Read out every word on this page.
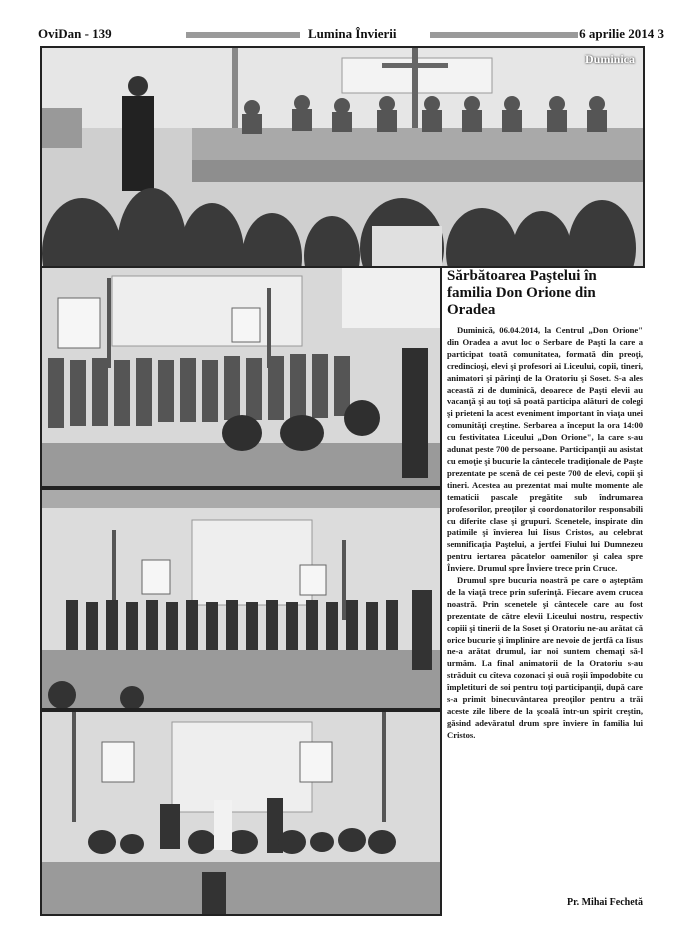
OviDan - 139	Lumina Învierii	6 aprilie 2014 3
Duminica
Sărbătoarea Paştelui în familia Don Orione din Oradea

Duminică, 06.04.2014, la Centrul „Don Orione" din Oradea a avut loc o Serbare de Paşti la care a participat toată comunitatea, formată din preoţi, credincioşi, elevi şi profesori ai Liceului, copii, tineri, animatori şi părinţi de la Oratoriu şi Soset. S-a ales această zi de duminică, deoarece de Paşti elevii au vacanţă şi au toţi să poată participa alături de colegi şi prieteni la acest eveniment important în viaţa unei comunităţi creştine. Serbarea a început la ora 14:00 cu festivitatea Liceului „Don Orione", la care s-au adunat peste 700 de persoane. Participanţii au asistat cu emoţie şi bucurie la cântecele tradiţionale de Paşte prezentate pe scenă de cei peste 700 de elevi, copii şi tineri. Acestea au prezentat mai multe momente ale tematicii pascale pregătite sub îndrumarea profesorilor, preoţilor şi coordonatorilor responsabili cu diferite clase şi grupuri. Scenetele, inspirate din patimile şi învierea lui Iisus Cristos, au celebrat semnificaţia Paştelui, a jertfei Fiului lui Dumnezeu pentru iertarea păcatelor oamenilor şi calea spre Înviere. Drumul spre Înviere trece prin Cruce.

Drumul spre bucuria noastră pe care o aşteptăm de la viaţă trece prin suferinţă. Fiecare avem crucea noastră. Prin scenetele şi cântecele care au fost prezentate de către elevii Liceului nostru, respectiv copiii şi tinerii de la Soset şi Oratoriu ne-au arătat că orice bucurie şi împlinire are nevoie de jertfă ca Iisus ne-a arătat drumul, iar noi suntem chemaţi să-l urmăm. La final animatorii de la Oratoriu s-au străduit cu cîteva cozonaci şi ouă roşii împodobite cu împletituri de soi pentru toţi participanţii, după care s-a primit binecuvântarea preoţilor pentru a trăi aceste zile libere de la şcoală într-un spirit creştin, găsind adevăratul drum spre înviere în familia lui Cristos.

Pr. Mihai Fechetă
